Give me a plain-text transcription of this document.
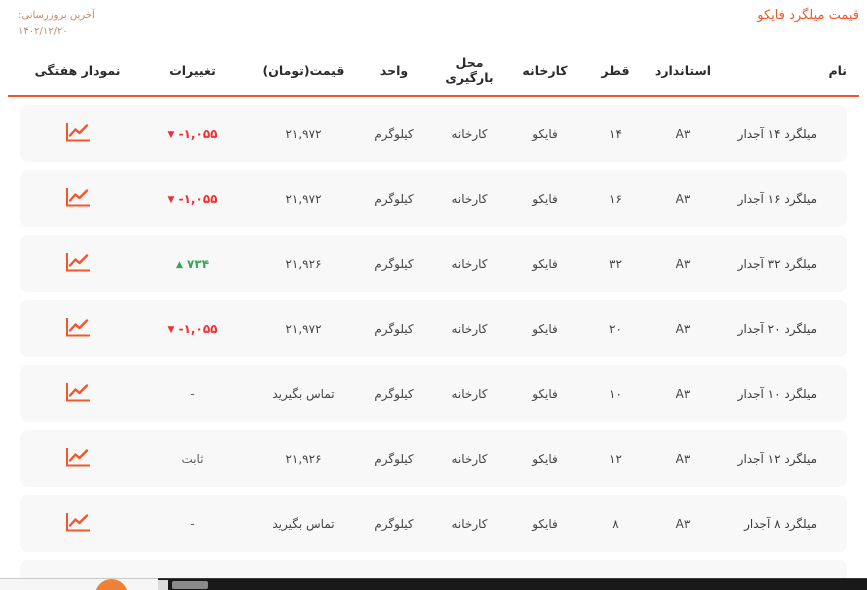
قیمت میلگرد فایکو
آخرین بروزرسانی:
۱۴۰۲/۱۲/۲۰
نام
استاندارد
قطر
کارخانه
محل بارگیری
واحد
قیمت(تومان)
تغییرات
نمودار هفتگی
میلگرد ۱۴ آجدار
A۳
۱۴
فایکو
کارخانه
کیلوگرم
۲۱,۹۷۲
▼ -۱,۰۵۵
میلگرد ۱۶ آجدار
A۳
۱۶
فایکو
کارخانه
کیلوگرم
۲۱,۹۷۲
▼ -۱,۰۵۵
میلگرد ۳۲ آجدار
A۳
۳۲
فایکو
کارخانه
کیلوگرم
۲۱,۹۲۶
▲ ۷۳۴
میلگرد ۲۰ آجدار
A۳
۲۰
فایکو
کارخانه
کیلوگرم
۲۱,۹۷۲
▼ -۱,۰۵۵
میلگرد ۱۰ آجدار
A۳
۱۰
فایکو
کارخانه
کیلوگرم
تماس بگیرید
-
میلگرد ۱۲ آجدار
A۳
۱۲
فایکو
کارخانه
کیلوگرم
۲۱,۹۲۶
ثابت
میلگرد ۸ آجدار
A۳
۸
فایکو
کارخانه
کیلوگرم
تماس بگیرید
-
